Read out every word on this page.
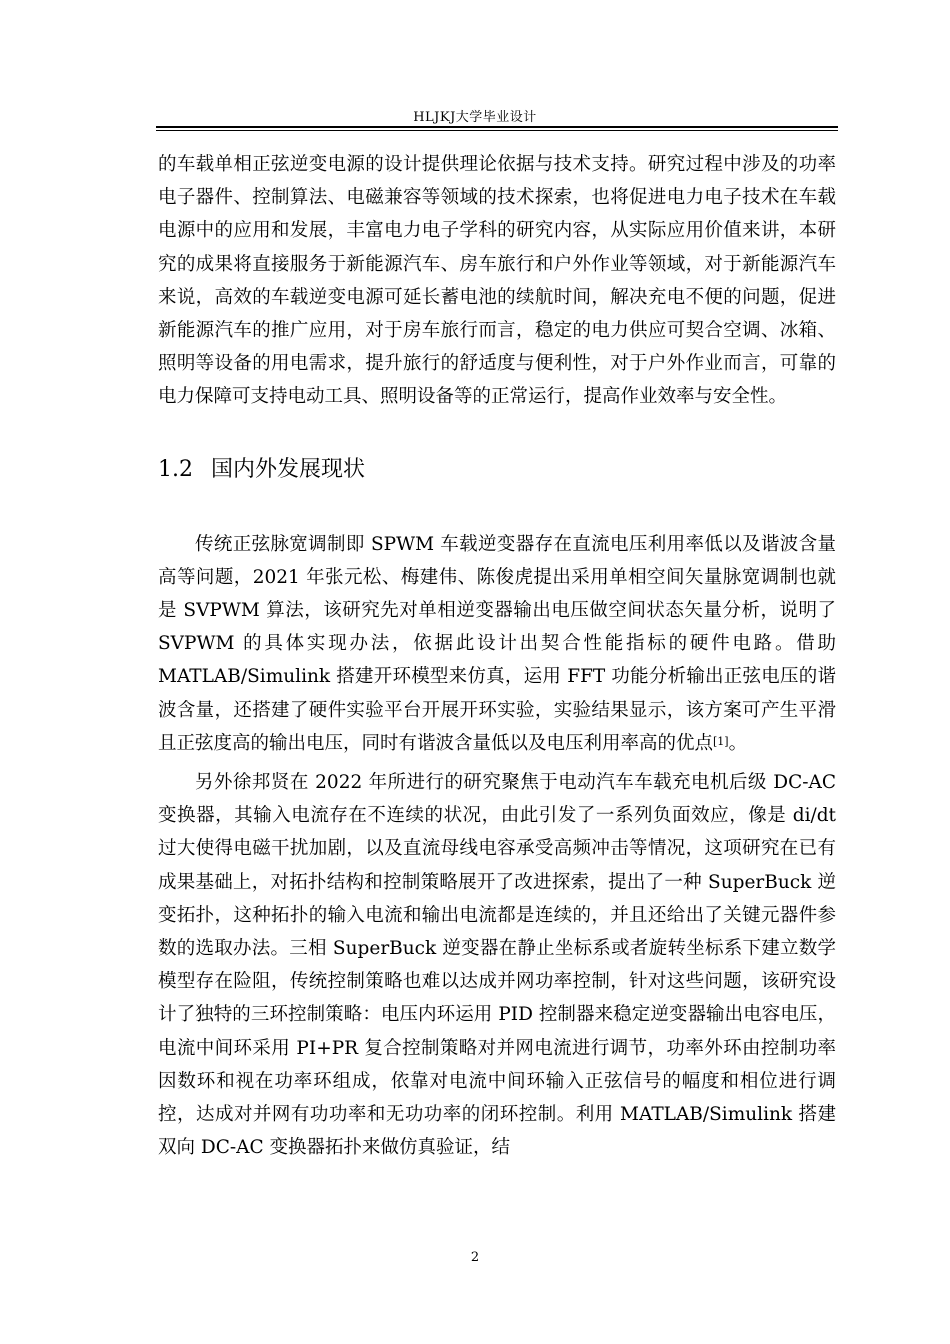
HLJKJ大学毕业设计

的车载单相正弦逆变电源的设计提供理论依据与技术支持。研究过程中涉及的功率电子器件、控制算法、电磁兼容等领域的技术探索，也将促进电力电子技术在车载电源中的应用和发展，丰富电力电子学科的研究内容，从实际应用价值来讲，本研究的成果将直接服务于新能源汽车、房车旅行和户外作业等领域，对于新能源汽车来说，高效的车载逆变电源可延长蓄电池的续航时间，解决充电不便的问题，促进新能源汽车的推广应用，对于房车旅行而言，稳定的电力供应可契合空调、冰箱、照明等设备的用电需求，提升旅行的舒适度与便利性，对于户外作业而言，可靠的电力保障可支持电动工具、照明设备等的正常运行，提高作业效率与安全性。

1.2 国内外发展现状

传统正弦脉宽调制即 SPWM 车载逆变器存在直流电压利用率低以及谐波含量高等问题，2021 年张元松、梅建伟、陈俊虎提出采用单相空间矢量脉宽调制也就是 SVPWM 算法，该研究先对单相逆变器输出电压做空间状态矢量分析，说明了 SVPWM 的具体实现办法，依据此设计出契合性能指标的硬件电路。借助 MATLAB/Simulink 搭建开环模型来仿真，运用 FFT 功能分析输出正弦电压的谐波含量，还搭建了硬件实验平台开展开环实验，实验结果显示，该方案可产生平滑且正弦度高的输出电压，同时有谐波含量低以及电压利用率高的优点[1]。

另外徐邦贤在 2022 年所进行的研究聚焦于电动汽车车载充电机后级 DC-AC 变换器，其输入电流存在不连续的状况，由此引发了一系列负面效应，像是 di/dt 过大使得电磁干扰加剧，以及直流母线电容承受高频冲击等情况，这项研究在已有成果基础上，对拓扑结构和控制策略展开了改进探索，提出了一种 SuperBuck 逆变拓扑，这种拓扑的输入电流和输出电流都是连续的，并且还给出了关键元器件参数的选取办法。三相 SuperBuck 逆变器在静止坐标系或者旋转坐标系下建立数学模型存在险阻，传统控制策略也难以达成并网功率控制，针对这些问题，该研究设计了独特的三环控制策略：电压内环运用 PID 控制器来稳定逆变器输出电容电压，电流中间环采用 PI+PR 复合控制策略对并网电流进行调节，功率外环由控制功率因数环和视在功率环组成，依靠对电流中间环输入正弦信号的幅度和相位进行调控，达成对并网有功功率和无功功率的闭环控制。利用 MATLAB/Simulink 搭建双向 DC-AC 变换器拓扑来做仿真验证，结

2
